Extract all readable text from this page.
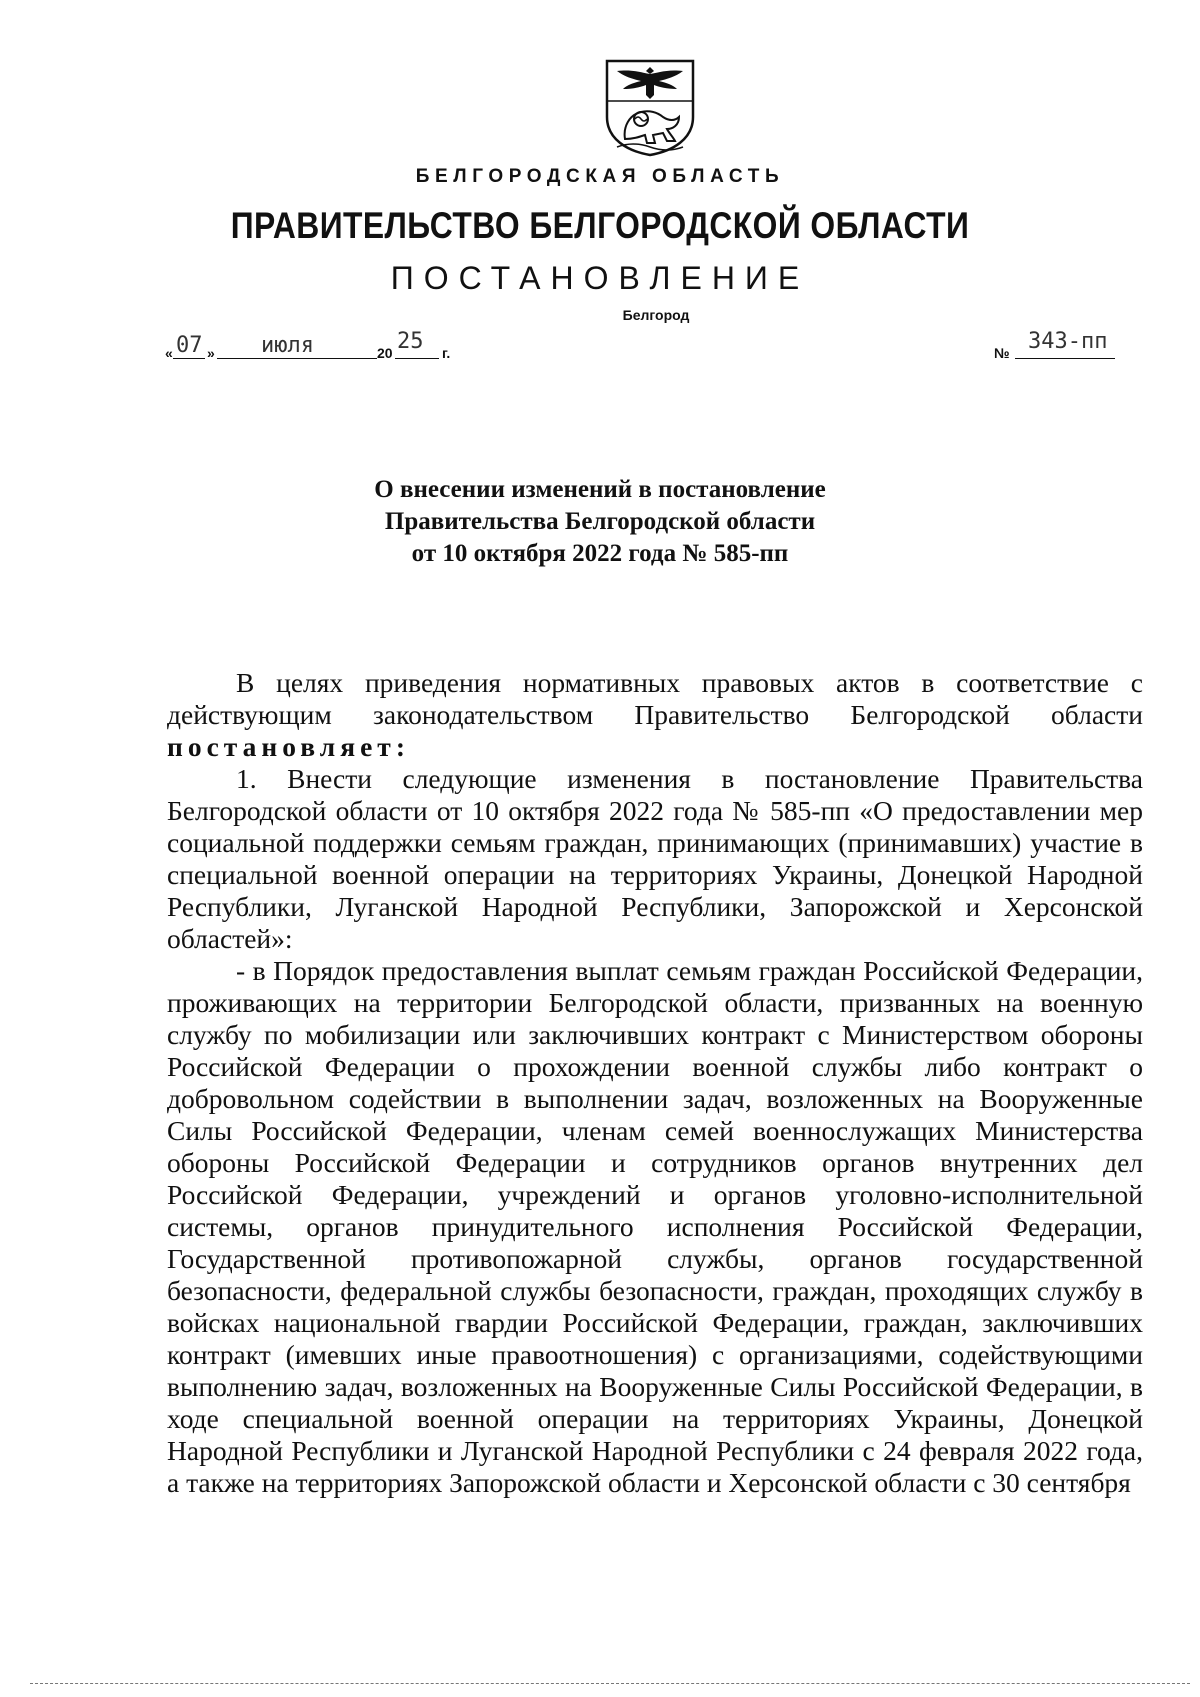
БЕЛГОРОДСКАЯ ОБЛАСТЬ
ПРАВИТЕЛЬСТВО БЕЛГОРОДСКОЙ ОБЛАСТИ
ПОСТАНОВЛЕНИЕ
Белгород
« 07 » июля	20 25 г.	№ 343-пп
О внесении изменений в постановление
Правительства Белгородской области
от 10 октября 2022 года № 585-пп

В целях приведения нормативных правовых актов в соответствие с действующим законодательством Правительство Белгородской области постановляет:

1. Внести следующие изменения в постановление Правительства Белгородской области от 10 октября 2022 года № 585-пп «О предоставлении мер социальной поддержки семьям граждан, принимающих (принимавших) участие в специальной военной операции на территориях Украины, Донецкой Народной Республики, Луганской Народной Республики, Запорожской и Херсонской областей»:

- в Порядок предоставления выплат семьям граждан Российской Федерации, проживающих на территории Белгородской области, призванных на военную службу по мобилизации или заключивших контракт с Министерством обороны Российской Федерации о прохождении военной службы либо контракт о добровольном содействии в выполнении задач, возложенных на Вооруженные Силы Российской Федерации, членам семей военнослужащих Министерства обороны Российской Федерации и сотрудников органов внутренних дел Российской Федерации, учреждений и органов уголовно-исполнительной системы, органов принудительного исполнения Российской Федерации, Государственной противопожарной службы, органов государственной безопасности, федеральной службы безопасности, граждан, проходящих службу в войсках национальной гвардии Российской Федерации, граждан, заключивших контракт (имевших иные правоотношения) с организациями, содействующими выполнению задач, возложенных на Вооруженные Силы Российской Федерации, в ходе специальной военной операции на территориях Украины, Донецкой Народной Республики и Луганской Народной Республики с 24 февраля 2022 года, а также на территориях Запорожской области и Херсонской области с 30 сентября
